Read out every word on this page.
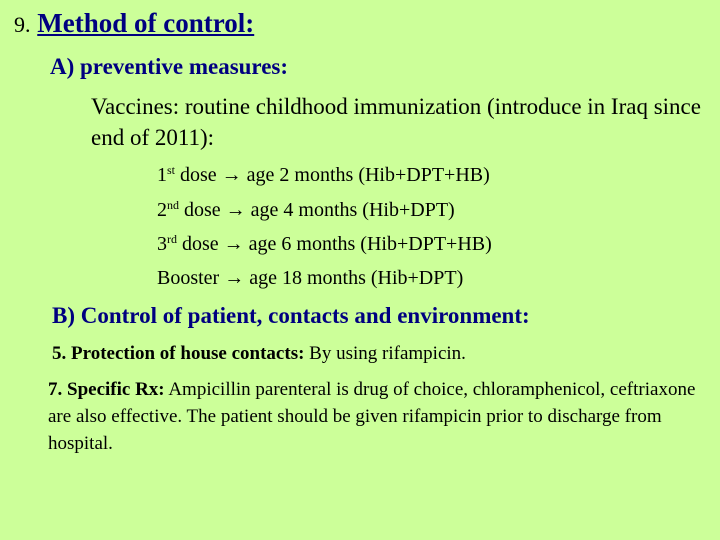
9. Method of control:
A) preventive measures:
Vaccines: routine childhood immunization (introduce in Iraq since end of 2011):
1st dose → age 2 months (Hib+DPT+HB)
2nd dose → age 4 months (Hib+DPT)
3rd dose → age 6 months (Hib+DPT+HB)
Booster → age 18 months (Hib+DPT)
B) Control of patient, contacts and environment:
5. Protection of house contacts: By using rifampicin.
7. Specific Rx: Ampicillin parenteral is drug of choice, chloramphenicol, ceftriaxone are also effective. The patient should be given rifampicin prior to discharge from hospital.
